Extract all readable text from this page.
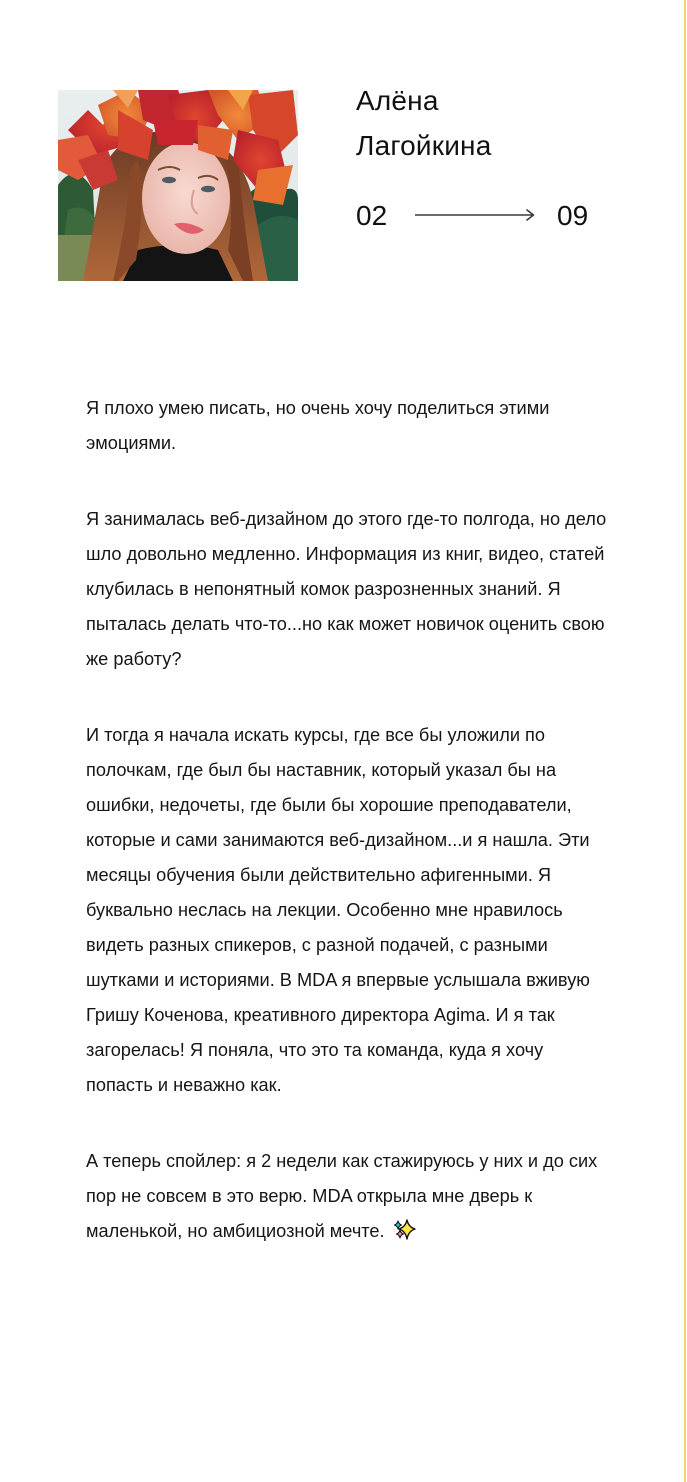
Алёна
Лагойкина
02	09

Я плохо умею писать, но очень хочу поделиться этими эмоциями.

Я занималась веб-дизайном до этого где-то полгода, но дело шло довольно медленно. Информация из книг, видео, статей клубилась в непонятный комок разрозненных знаний. Я пыталась делать что-то...но как может новичок оценить свою же работу?

И тогда я начала искать курсы, где все бы уложили по полочкам, где был бы наставник, который указал бы на ошибки, недочеты, где были бы хорошие преподаватели, которые и сами занимаются веб-дизайном...и я нашла. Эти месяцы обучения были действительно афигенными. Я буквально неслась на лекции. Особенно мне нравилось видеть разных спикеров, с разной подачей, с разными шутками и историями. В MDA я впервые услышала вживую Гришу Коченова, креативного директора Agima. И я так загорелась! Я поняла, что это та команда, куда я хочу попасть и неважно как.

А теперь спойлер: я 2 недели как стажируюсь у них и до сих пор не совсем в это верю. MDA открыла мне дверь к маленькой, но амбициозной мечте.
